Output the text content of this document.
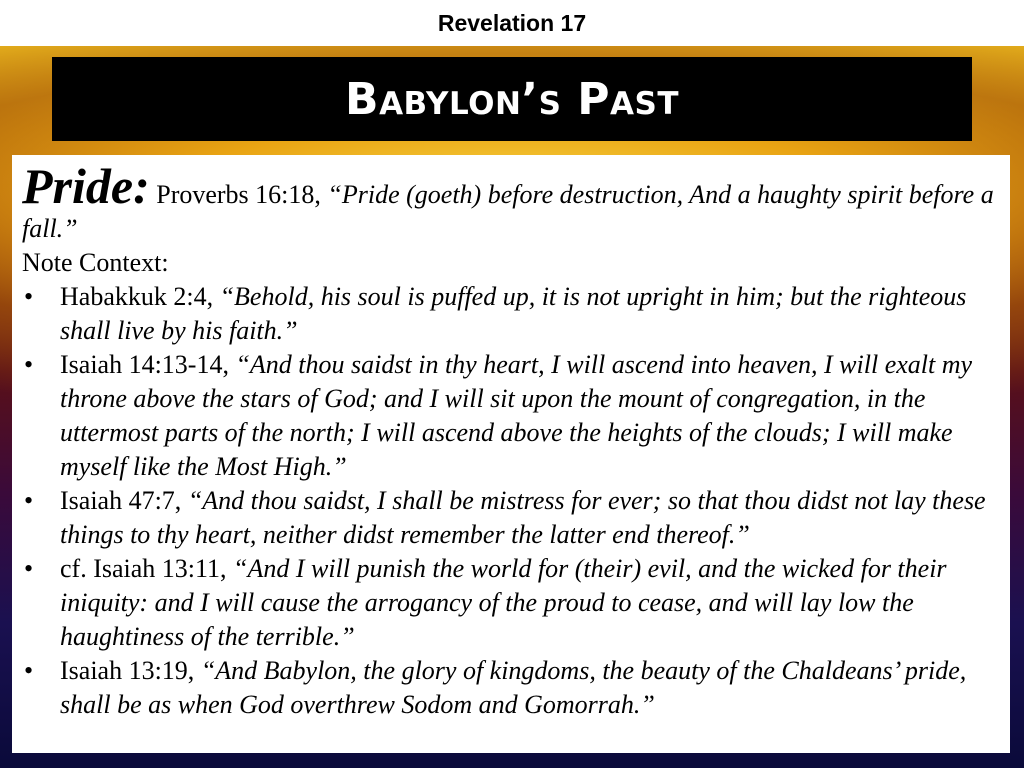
Revelation 17
Babylon’s Past

Pride: Proverbs 16:18, “Pride (goeth) before destruction, And a haughty spirit before a fall.”

Note Context:

• Habakkuk 2:4, “Behold, his soul is puffed up, it is not upright in him; but the righteous shall live by his faith.”
• Isaiah 14:13-14, “And thou saidst in thy heart, I will ascend into heaven, I will exalt my throne above the stars of God; and I will sit upon the mount of congregation, in the uttermost parts of the north; I will ascend above the heights of the clouds; I will make myself like the Most High.”
• Isaiah 47:7, “And thou saidst, I shall be mistress for ever; so that thou didst not lay these things to thy heart, neither didst remember the latter end thereof.”
• cf. Isaiah 13:11, “And I will punish the world for (their) evil, and the wicked for their iniquity: and I will cause the arrogancy of the proud to cease, and will lay low the haughtiness of the terrible.”
• Isaiah 13:19, “And Babylon, the glory of kingdoms, the beauty of the Chaldeans’ pride, shall be as when God overthrew Sodom and Gomorrah.”
